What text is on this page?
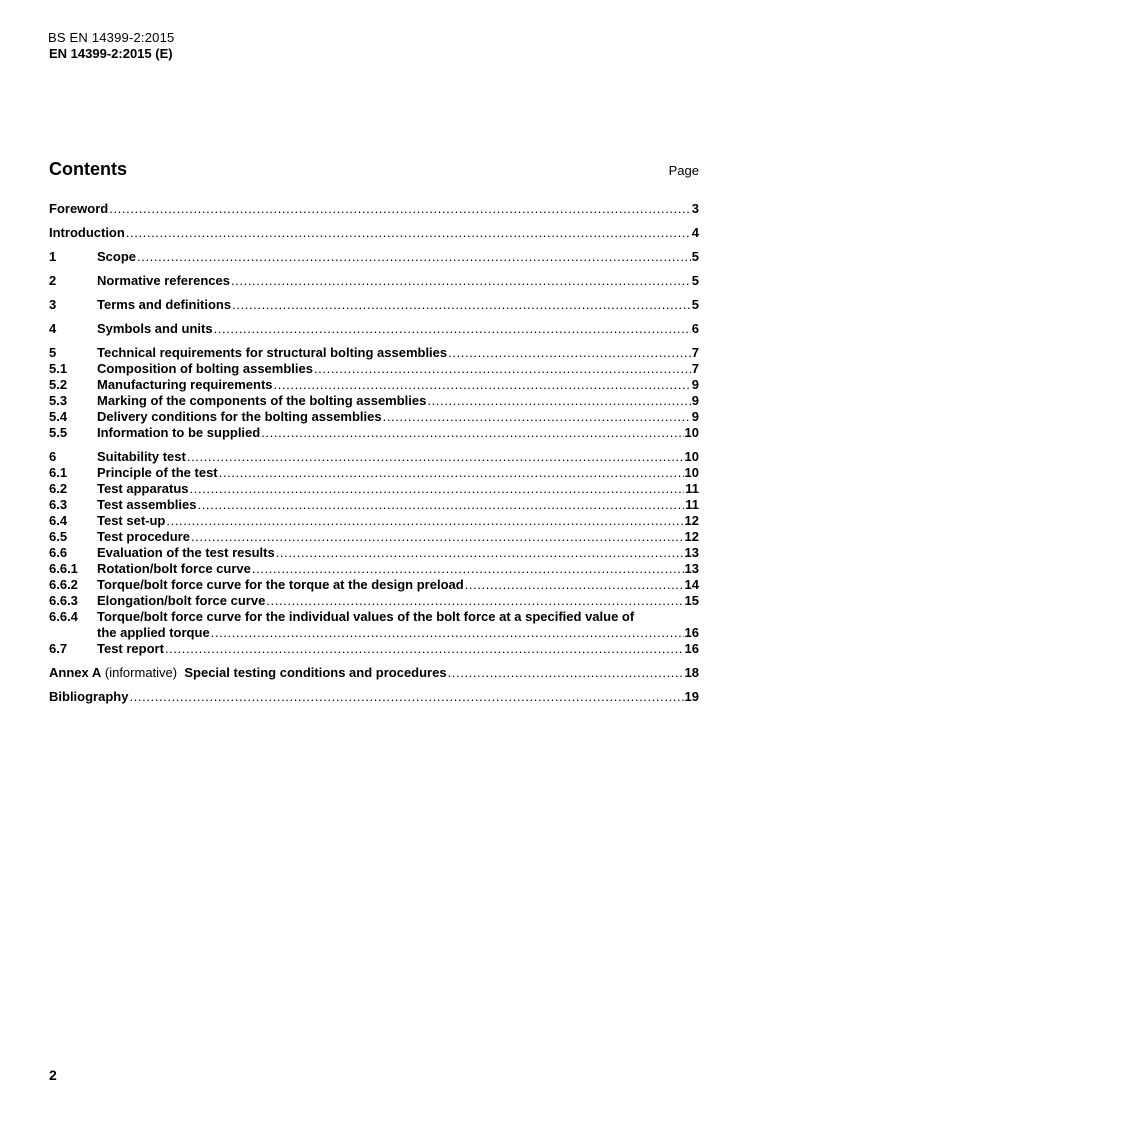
BS EN 14399-2:2015
EN 14399-2:2015 (E)
Contents	Page
Foreword .....	3
Introduction .....	4
1	Scope .....	5
2	Normative references .....	5
3	Terms and definitions .....	5
4	Symbols and units .....	6
5	Technical requirements for structural bolting assemblies .....	7
5.1	Composition of bolting assemblies .....	7
5.2	Manufacturing requirements .....	9
5.3	Marking of the components of the bolting assemblies .....	9
5.4	Delivery conditions for the bolting assemblies .....	9
5.5	Information to be supplied .....	10
6	Suitability test .....	10
6.1	Principle of the test .....	10
6.2	Test apparatus .....	11
6.3	Test assemblies .....	11
6.4	Test set-up .....	12
6.5	Test procedure .....	12
6.6	Evaluation of the test results .....	13
6.6.1	Rotation/bolt force curve .....	13
6.6.2	Torque/bolt force curve for the torque at the design preload .....	14
6.6.3	Elongation/bolt force curve .....	15
6.6.4	Torque/bolt force curve for the individual values of the bolt force at a specified value of
the applied torque .....	16
6.7	Test report .....	16
Annex A (informative) Special testing conditions and procedures .....	18
Bibliography .....	19
2
